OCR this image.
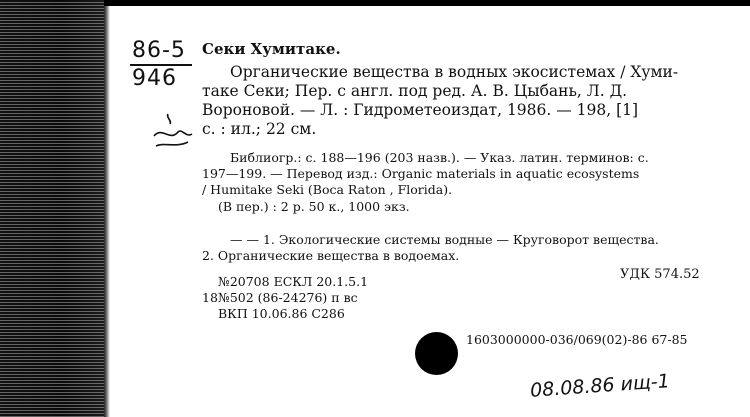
86-5
946
Секи Хумитаке.
Органические вещества в водных экосистемах / Хуми-
таке Секи; Пер. с англ. под ред. А. В. Цыбань, Л. Д.
Вороновой. — Л. : Гидрометеоиздат, 1986. — 198, [1]
с. : ил.; 22 см.
Библиогр.: с. 188—196 (203 назв.). — Указ. латин. терминов: с.
197—199. — Перевод изд.: Organic materials in aquatic ecosystems
/ Humitake Seki (Boca Raton , Florida).
(В пер.) : 2 р. 50 к., 1000 экз.
— — 1. Экологические системы водные — Круговорот вещества.
2. Органические вещества в водоемах.
УДК 574.52
№20708 ЕСКЛ 20.1.5.1
18 №502 (86-24276) п вс
ВКП 10.06.86 С286
1603000000-036/069(02)-86 67-85
08.08.86 ищ-1
